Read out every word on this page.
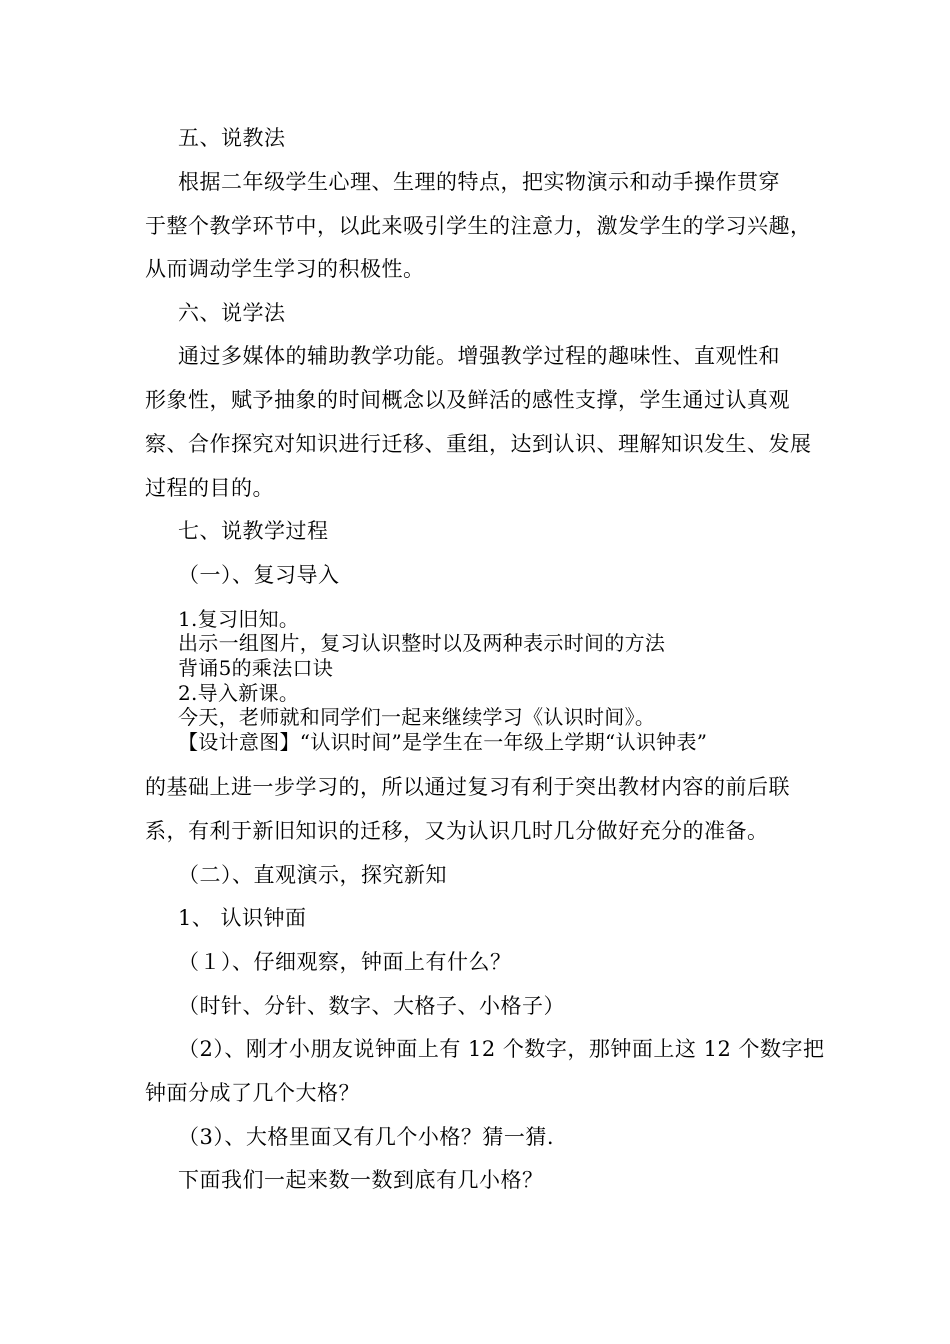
五、说教法
根据二年级学生心理、生理的特点，把实物演示和动手操作贯穿
于整个教学环节中，以此来吸引学生的注意力，激发学生的学习兴趣，
从而调动学生学习的积极性。
六、说学法
通过多媒体的辅助教学功能。增强教学过程的趣味性、直观性和
形象性，赋予抽象的时间概念以及鲜活的感性支撑，学生通过认真观
察、合作探究对知识进行迁移、重组，达到认识、理解知识发生、发展
过程的目的。
七、说教学过程
（一）、复习导入
1.复习旧知。
出示一组图片，复习认识整时以及两种表示时间的方法
背诵5的乘法口诀
2.导入新课。
今天，老师就和同学们一起来继续学习《认识时间》。
【设计意图】“认识时间”是学生在一年级上学期“认识钟表”
的基础上进一步学习的，所以通过复习有利于突出教材内容的前后联
系，有利于新旧知识的迁移，又为认识几时几分做好充分的准备。
（二）、直观演示，探究新知
1、 认识钟面
（１）、仔细观察，钟面上有什么？
（时针、分针、数字、大格子、小格子）
（2）、刚才小朋友说钟面上有 12 个数字，那钟面上这 12 个数字把
钟面分成了几个大格？
（3）、大格里面又有几个小格？猜一猜.
下面我们一起来数一数到底有几小格？
